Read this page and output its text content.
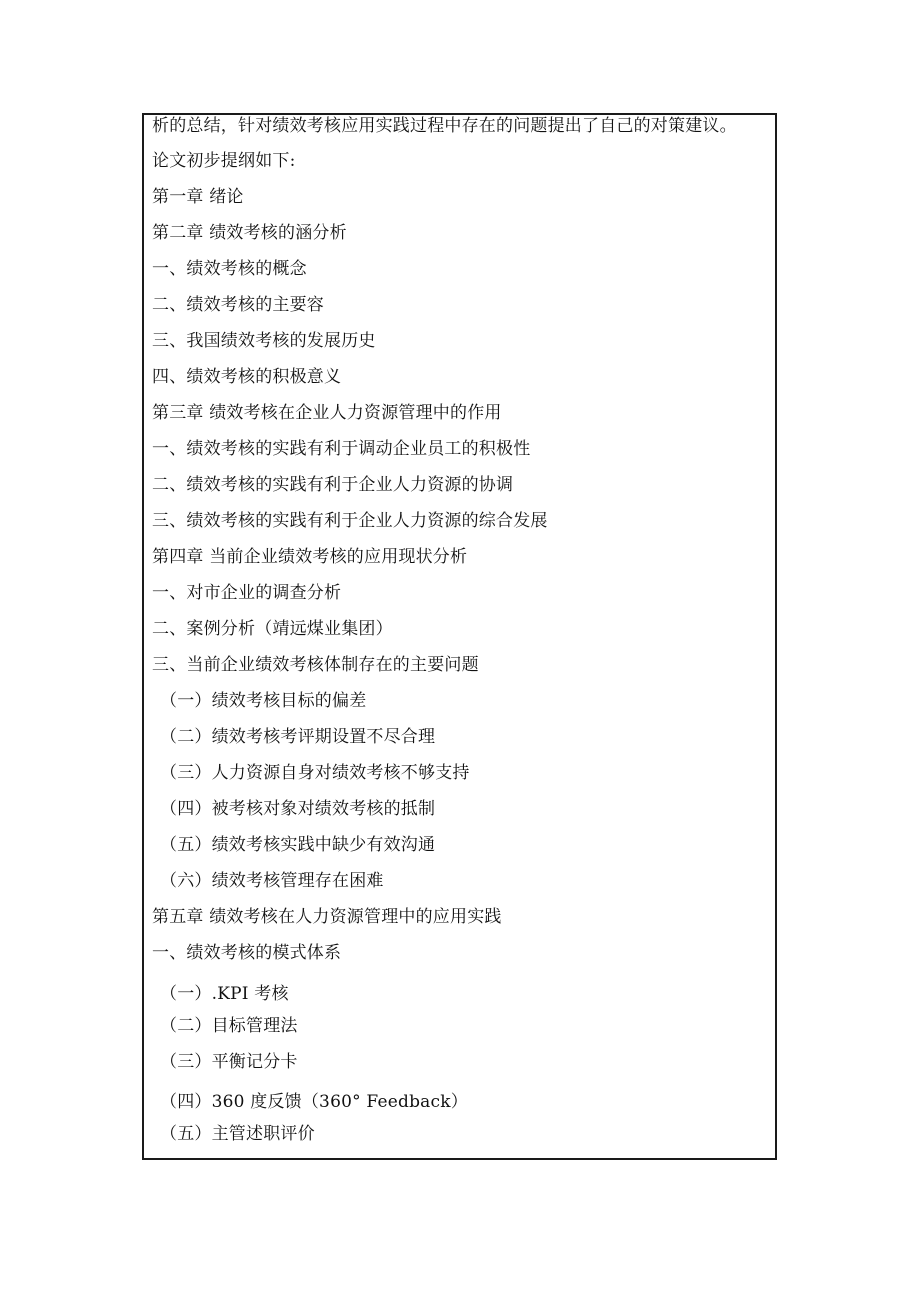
析的总结，针对绩效考核应用实践过程中存在的问题提出了自己的对策建议。
论文初步提纲如下:
第一章 绪论
第二章 绩效考核的涵分析
一、绩效考核的概念
二、绩效考核的主要容
三、我国绩效考核的发展历史
四、绩效考核的积极意义
第三章 绩效考核在企业人力资源管理中的作用
一、绩效考核的实践有利于调动企业员工的积极性
二、绩效考核的实践有利于企业人力资源的协调
三、绩效考核的实践有利于企业人力资源的综合发展
第四章 当前企业绩效考核的应用现状分析
一、对市企业的调查分析
二、案例分析（靖远煤业集团）
三、当前企业绩效考核体制存在的主要问题
（一）绩效考核目标的偏差
（二）绩效考核考评期设置不尽合理
（三）人力资源自身对绩效考核不够支持
（四）被考核对象对绩效考核的抵制
（五）绩效考核实践中缺少有效沟通
（六）绩效考核管理存在困难
第五章 绩效考核在人力资源管理中的应用实践
一、绩效考核的模式体系
（一）.KPI 考核
（二）目标管理法
（三）平衡记分卡
（四）360 度反馈（360° Feedback）
（五）主管述职评价
